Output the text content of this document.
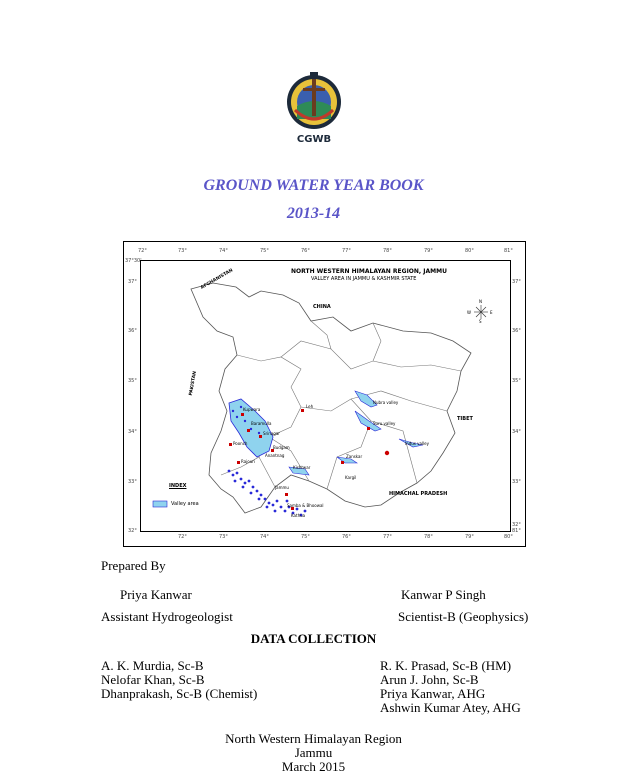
CGWB
GROUND WATER YEAR BOOK
2013-14
72°	73°	74°	75°	76°	77°	78°	79°	80°	81°
72°	73°	74°	75°	76°	77°	78°	79°	80°
81°
37°30'
37°
36°
35°
34°
33°
32°
37°
36°
35°
34°
33°
32°
NORTH WESTERN HIMALAYAN REGION, JAMMU
VALLEY AREA IN JAMMU & KASHMIR STATE
AFGHANISTAN
CHINA
PAKISTAN
TIBET
HIMACHAL PRADESH
Nubra valley
Suru valley
Indus valley
Zanskar
Leh
Kargil
Srinagar
Budgam
Poonch
Rajouri
Kupwara
Baramulla
Anantnag
Kishtwar
Jammu
Samba & Bhoowal
Kathua
INDEX
Valley area
N
S
W	E
Prepared By
Priya Kanwar	Kanwar P Singh
Assistant Hydrogeologist	Scientist-B (Geophysics)
DATA COLLECTION
A. K. Murdia, Sc-B
Nelofar Khan, Sc-B
Dhanprakash, Sc-B (Chemist)
R. K. Prasad, Sc-B (HM)
Arun J. John, Sc-B
Priya Kanwar, AHG
Ashwin Kumar Atey, AHG
North Western Himalayan Region
Jammu
March 2015
